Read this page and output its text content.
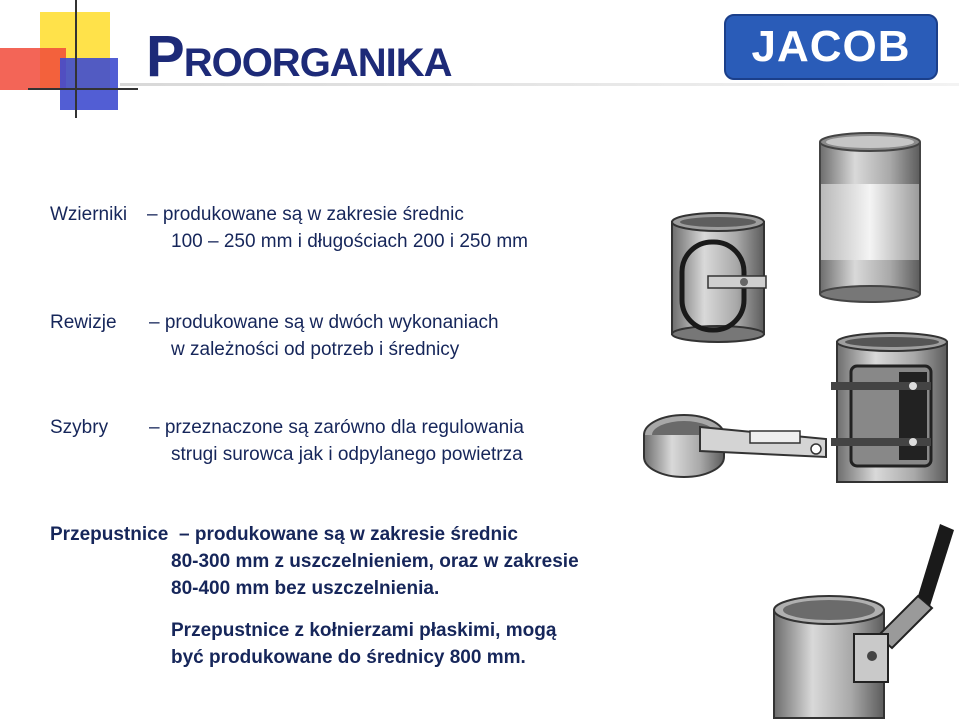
PROORGANIKA	JACOB
Wzierniki – produkowane są w zakresie średnic
100 – 250 mm i długościach 200 i 250 mm
Rewizje – produkowane są w dwóch wykonaniach
w zależności od potrzeb i średnicy
Szybry – przeznaczone są zarówno dla regulowania
strugi surowca jak i odpylanego powietrza
Przepustnice – produkowane są w zakresie średnic
80-300 mm z uszczelnieniem, oraz w zakresie
80-400 mm bez uszczelnienia.
Przepustnice z kołnierzami płaskimi, mogą
być produkowane do średnicy 800 mm.
